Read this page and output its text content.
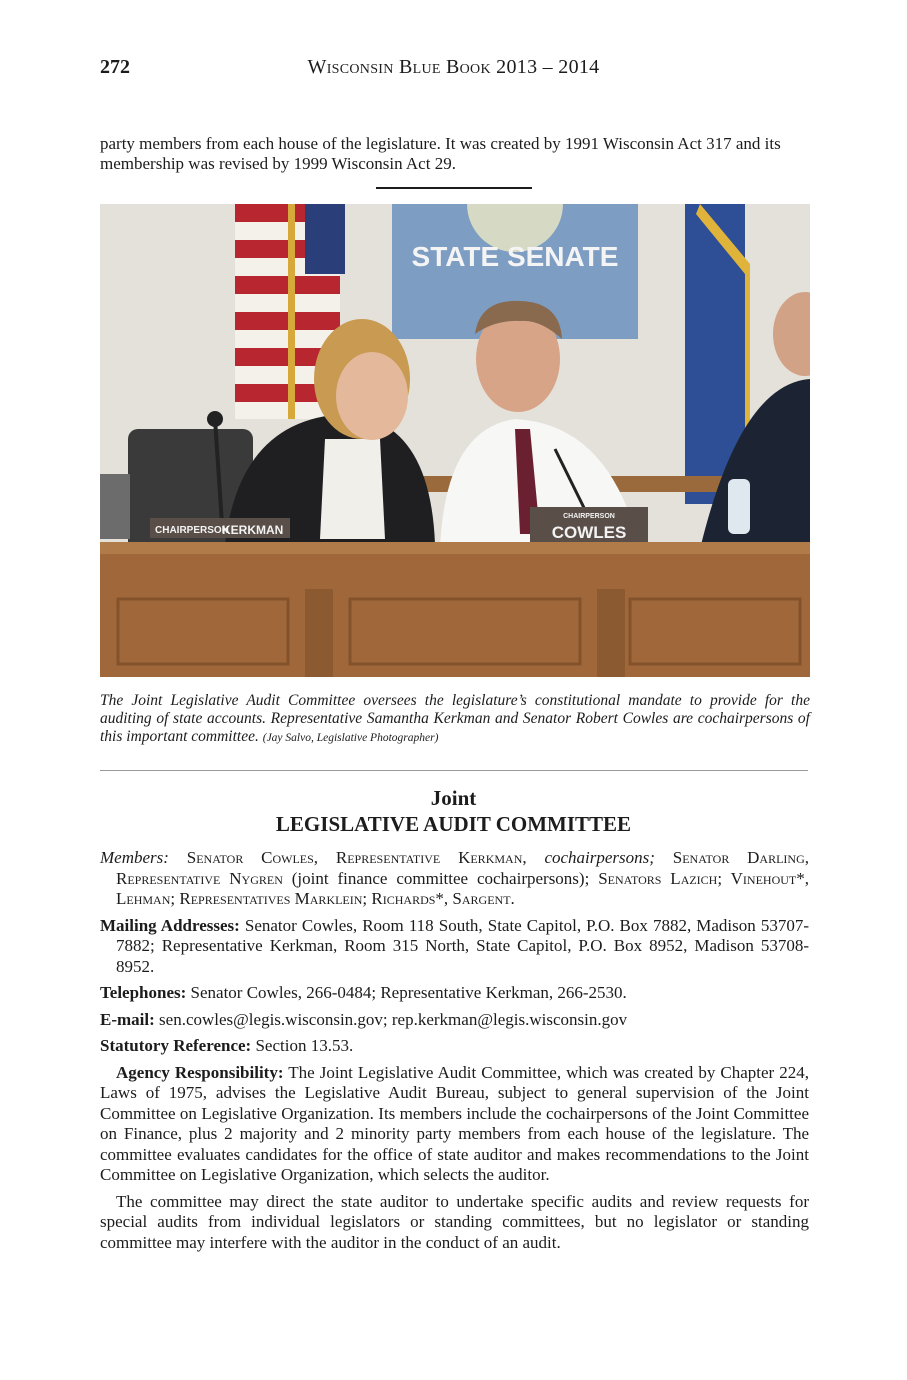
272	Wisconsin Blue Book 2013 – 2014
party members from each house of the legislature. It was created by 1991 Wisconsin Act 317 and its membership was revised by 1999 Wisconsin Act 29.
STATE SENATE
CHAIRPERSON
KERKMAN
CHAIRPERSON
COWLES
The Joint Legislative Audit Committee oversees the legislature’s constitutional mandate to provide for the auditing of state accounts. Representative Samantha Kerkman and Senator Robert Cowles are cochairpersons of this important committee. (Jay Salvo, Legislative Photographer)
Joint
LEGISLATIVE AUDIT COMMITTEE

Members: Senator Cowles, Representative Kerkman, cochairpersons; Senator Darling, Representative Nygren (joint finance committee cochairpersons); Senators Lazich; Vinehout*, Lehman; Representatives Marklein; Richards*, Sargent.

Mailing Addresses: Senator Cowles, Room 118 South, State Capitol, P.O. Box 7882, Madison 53707-7882; Representative Kerkman, Room 315 North, State Capitol, P.O. Box 8952, Madison 53708-8952.

Telephones: Senator Cowles, 266-0484; Representative Kerkman, 266-2530.

E-mail: sen.cowles@legis.wisconsin.gov; rep.kerkman@legis.wisconsin.gov

Statutory Reference: Section 13.53.

Agency Responsibility: The Joint Legislative Audit Committee, which was created by Chapter 224, Laws of 1975, advises the Legislative Audit Bureau, subject to general supervision of the Joint Committee on Legislative Organization. Its members include the cochairpersons of the Joint Committee on Finance, plus 2 majority and 2 minority party members from each house of the legislature. The committee evaluates candidates for the office of state auditor and makes recommendations to the Joint Committee on Legislative Organization, which selects the auditor.

The committee may direct the state auditor to undertake specific audits and review requests for special audits from individual legislators or standing committees, but no legislator or standing committee may interfere with the auditor in the conduct of an audit.
